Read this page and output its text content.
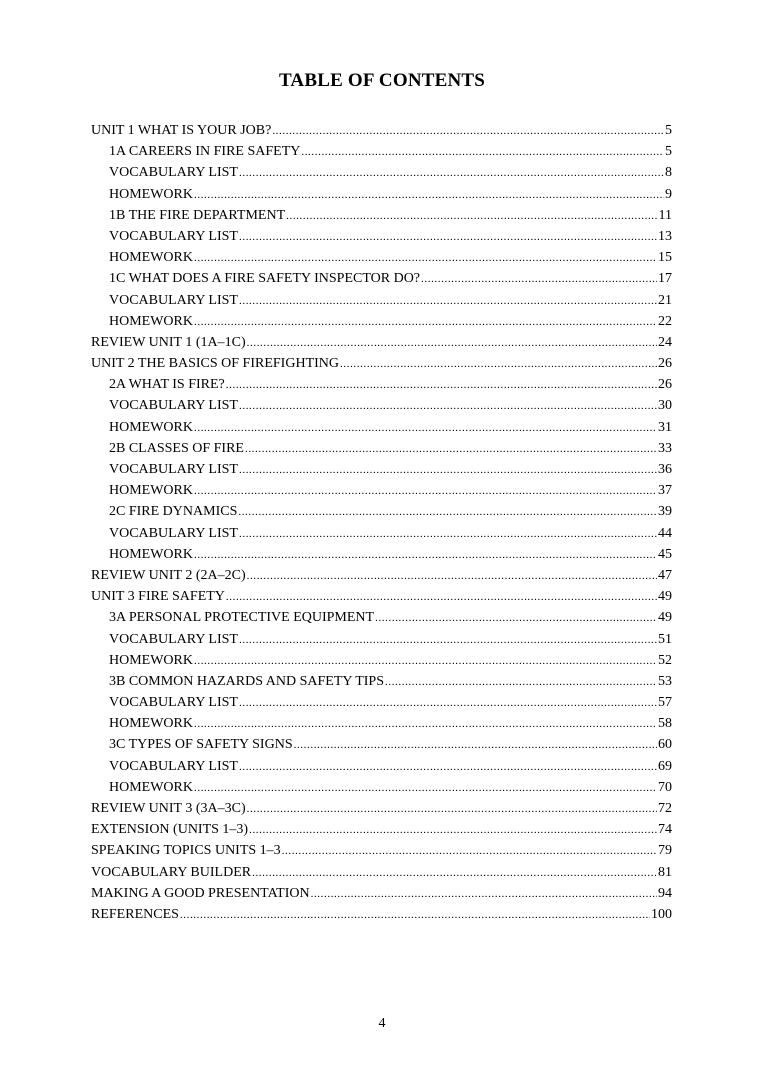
TABLE OF CONTENTS
UNIT 1 WHAT IS YOUR JOB? .....	5
1A CAREERS IN FIRE SAFETY .....	5
VOCABULARY LIST .....	8
HOMEWORK .....	9
1B THE FIRE DEPARTMENT .....	11
VOCABULARY LIST .....	13
HOMEWORK .....	15
1C WHAT DOES A FIRE SAFETY INSPECTOR DO? .....	17
VOCABULARY LIST .....	21
HOMEWORK .....	22
REVIEW UNIT 1 (1A–1C) .....	24
UNIT 2 THE BASICS OF FIREFIGHTING .....	26
2A WHAT IS FIRE? .....	26
VOCABULARY LIST .....	30
HOMEWORK .....	31
2B CLASSES OF FIRE .....	33
VOCABULARY LIST .....	36
HOMEWORK .....	37
2C FIRE DYNAMICS .....	39
VOCABULARY LIST .....	44
HOMEWORK .....	45
REVIEW UNIT 2 (2A–2C) .....	47
UNIT 3 FIRE SAFETY .....	49
3A PERSONAL PROTECTIVE EQUIPMENT .....	49
VOCABULARY LIST .....	51
HOMEWORK .....	52
3B COMMON HAZARDS AND SAFETY TIPS .....	53
VOCABULARY LIST .....	57
HOMEWORK .....	58
3C TYPES OF SAFETY SIGNS .....	60
VOCABULARY LIST .....	69
HOMEWORK .....	70
REVIEW UNIT 3 (3A–3C) .....	72
EXTENSION (UNITS 1–3) .....	74
SPEAKING TOPICS UNITS 1–3 .....	79
VOCABULARY BUILDER .....	81
MAKING A GOOD PRESENTATION .....	94
REFERENCES .....	100
4
